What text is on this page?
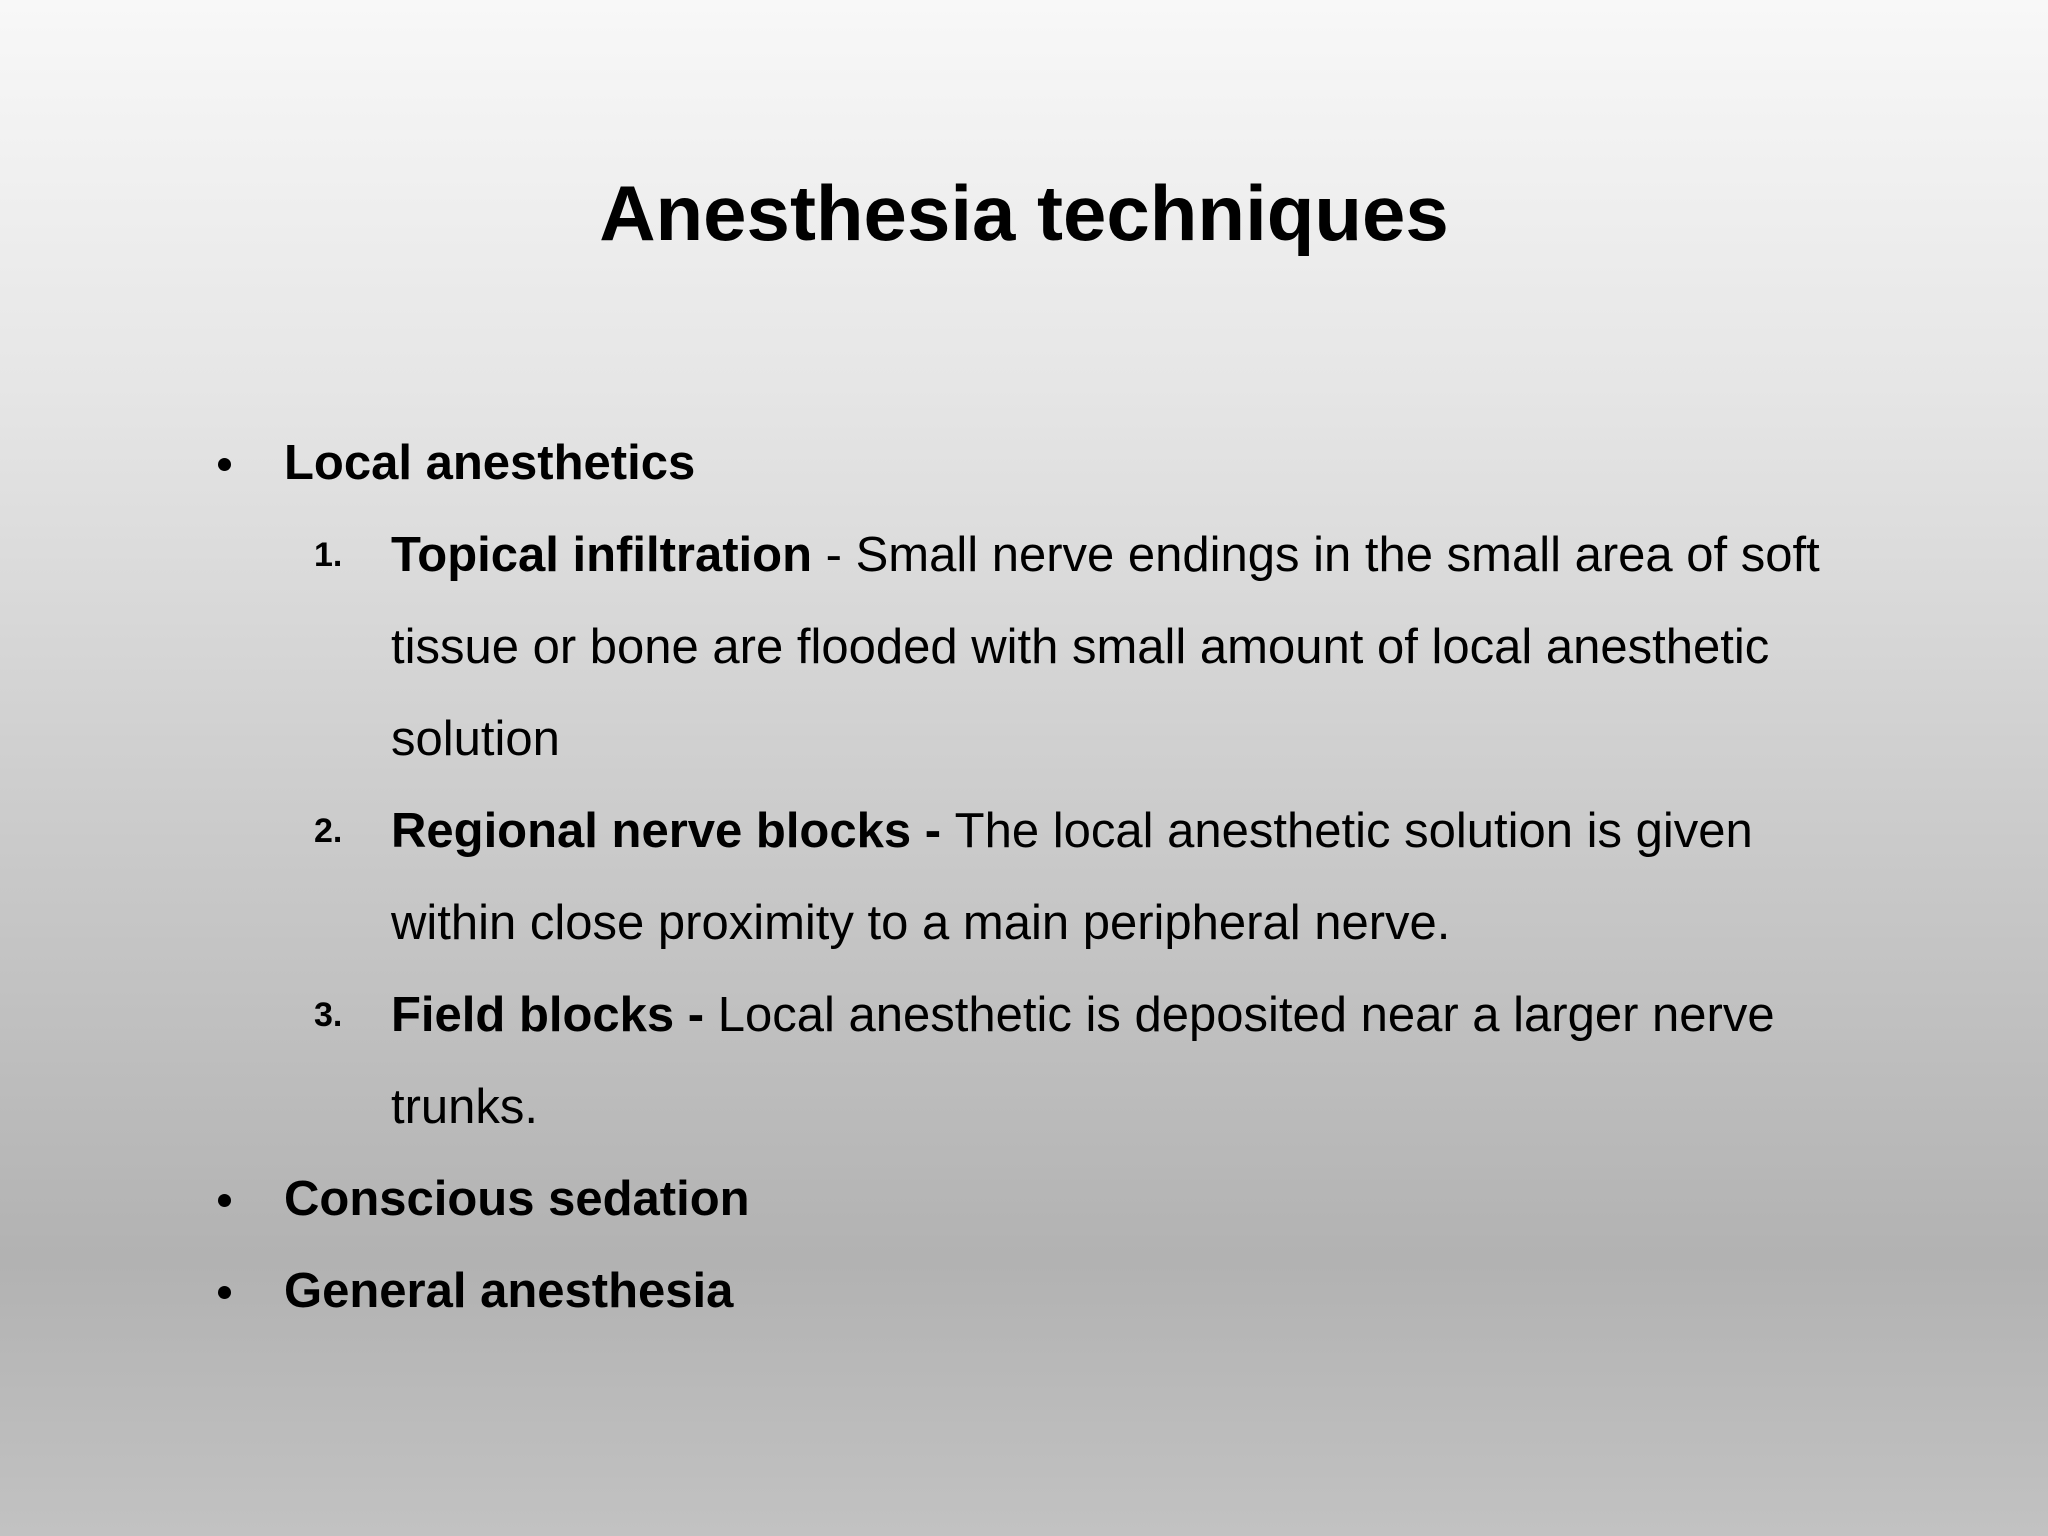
Anesthesia techniques
Local anesthetics
1. Topical infiltration - Small nerve endings in the small area of soft tissue or bone are flooded with small amount of local anesthetic solution
2. Regional nerve blocks - The local anesthetic solution is given within close proximity to a main peripheral nerve.
3. Field blocks - Local anesthetic is deposited near a larger nerve trunks.
Conscious sedation
General anesthesia
